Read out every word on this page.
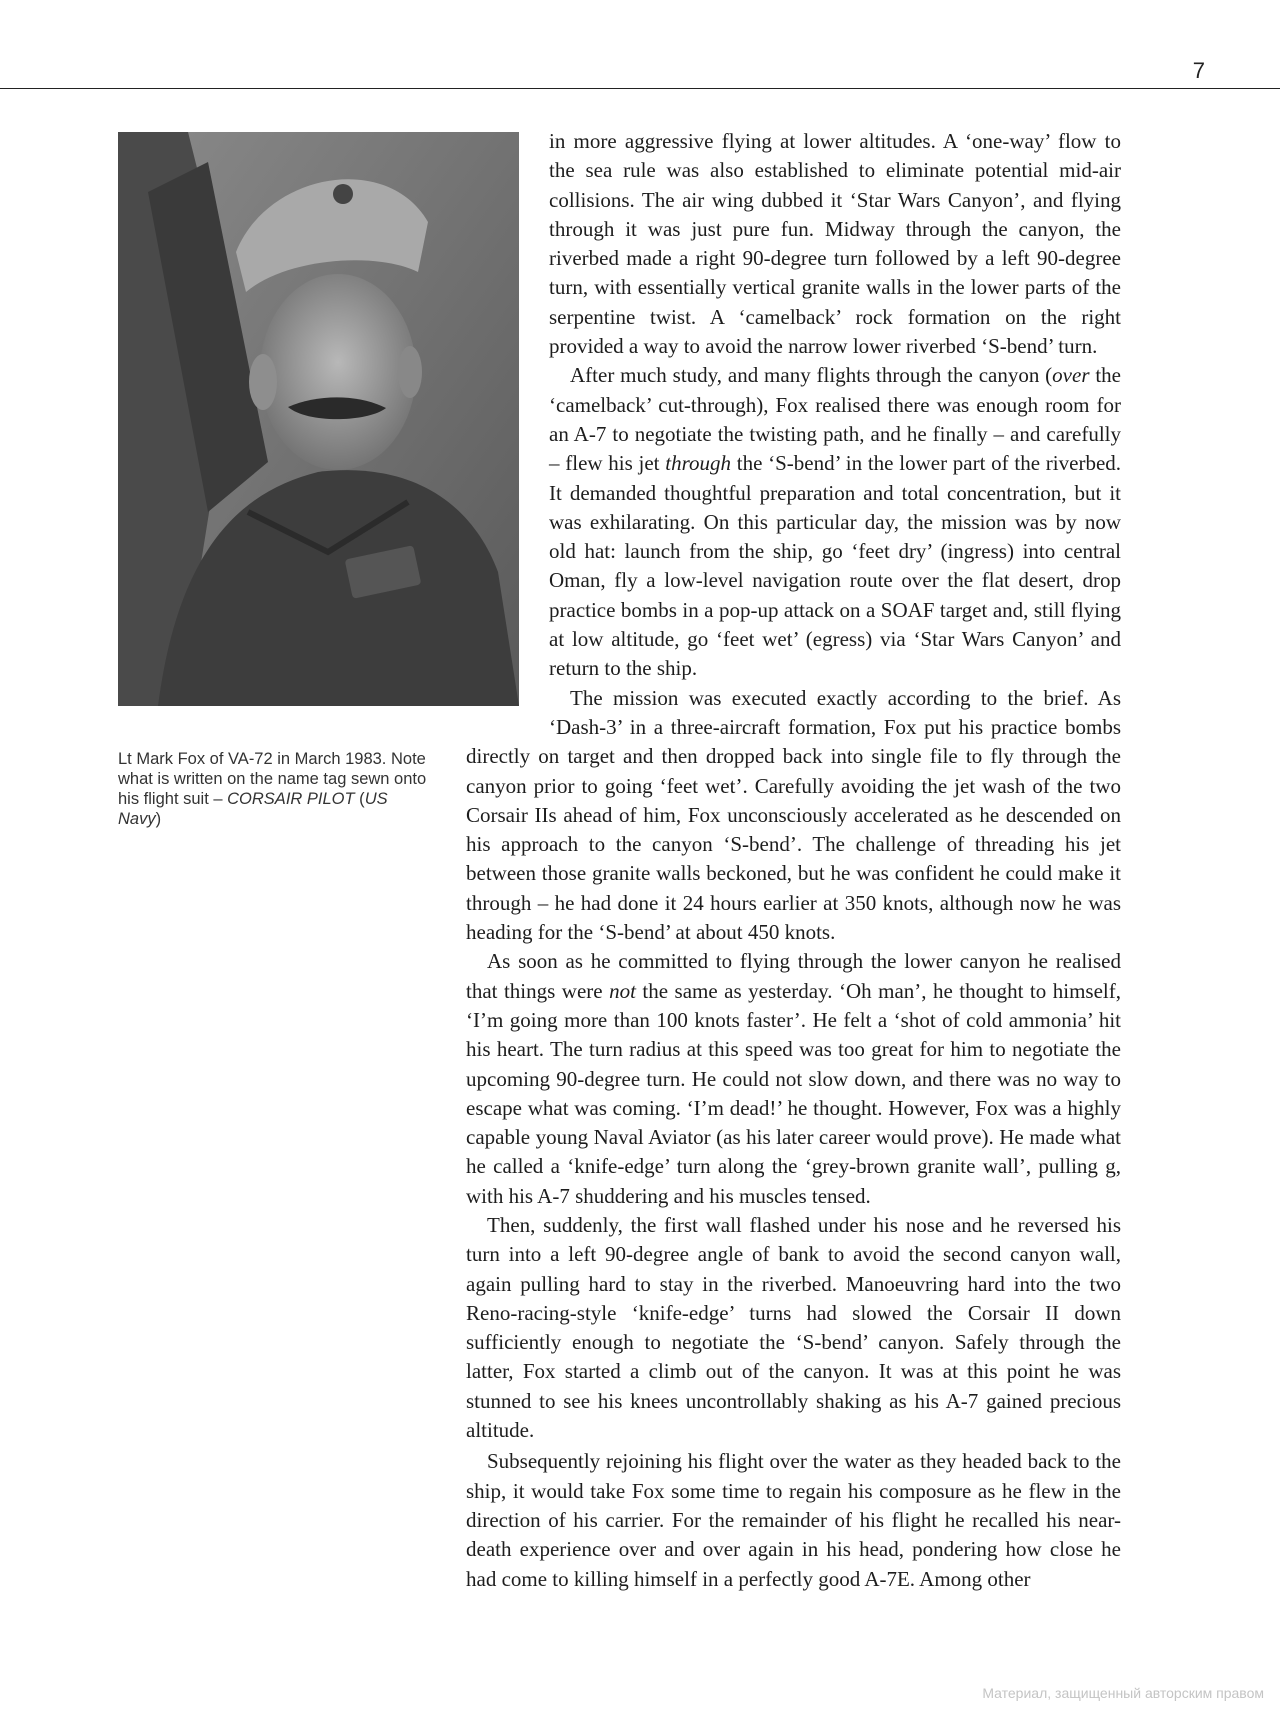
7
Lt Mark Fox of VA-72 in March 1983. Note what is written on the name tag sewn onto his flight suit – CORSAIR PILOT (US Navy)

in more aggressive flying at lower altitudes. A ‘one-way’ flow to the sea rule was also established to eliminate potential mid-air collisions. The air wing dubbed it ‘Star Wars Canyon’, and flying through it was just pure fun. Midway through the canyon, the riverbed made a right 90-degree turn followed by a left 90-degree turn, with essentially vertical granite walls in the lower parts of the serpentine twist. A ‘camelback’ rock formation on the right provided a way to avoid the narrow lower riverbed ‘S-bend’ turn.

After much study, and many flights through the canyon (over the ‘camelback’ cut-through), Fox realised there was enough room for an A-7 to negotiate the twisting path, and he finally – and carefully – flew his jet through the ‘S-bend’ in the lower part of the riverbed. It demanded thoughtful preparation and total concentration, but it was exhilarating. On this particular day, the mission was by now old hat: launch from the ship, go ‘feet dry’ (ingress) into central Oman, fly a low-level navigation route over the flat desert, drop practice bombs in a pop-up attack on a SOAF target and, still flying at low altitude, go ‘feet wet’ (egress) via ‘Star Wars Canyon’ and return to the ship.

The mission was executed exactly according to the brief. As ‘Dash-3’ in a three-aircraft formation, Fox put his practice bombs directly on target and then dropped back into single file to fly through the canyon prior to going ‘feet wet’. Carefully avoiding the jet wash of the two Corsair IIs ahead of him, Fox unconsciously accelerated as he descended on his approach to the canyon ‘S-bend’. The challenge of threading his jet between those granite walls beckoned, but he was confident he could make it through – he had done it 24 hours earlier at 350 knots, although now he was heading for the ‘S-bend’ at about 450 knots.

As soon as he committed to flying through the lower canyon he realised that things were not the same as yesterday. ‘Oh man’, he thought to himself, ‘I’m going more than 100 knots faster’. He felt a ‘shot of cold ammonia’ hit his heart. The turn radius at this speed was too great for him to negotiate the upcoming 90-degree turn. He could not slow down, and there was no way to escape what was coming. ‘I’m dead!’ he thought. However, Fox was a highly capable young Naval Aviator (as his later career would prove). He made what he called a ‘knife-edge’ turn along the ‘grey-brown granite wall’, pulling g, with his A-7 shuddering and his muscles tensed.

Then, suddenly, the first wall flashed under his nose and he reversed his turn into a left 90-degree angle of bank to avoid the second canyon wall, again pulling hard to stay in the riverbed. Manoeuvring hard into the two Reno-racing-style ‘knife-edge’ turns had slowed the Corsair II down sufficiently enough to negotiate the ‘S-bend’ canyon. Safely through the latter, Fox started a climb out of the canyon. It was at this point he was stunned to see his knees uncontrollably shaking as his A-7 gained precious altitude.

Subsequently rejoining his flight over the water as they headed back to the ship, it would take Fox some time to regain his composure as he flew in the direction of his carrier. For the remainder of his flight he recalled his near-death experience over and over again in his head, pondering how close he had come to killing himself in a perfectly good A-7E. Among other

Материал, защищенный авторским правом
